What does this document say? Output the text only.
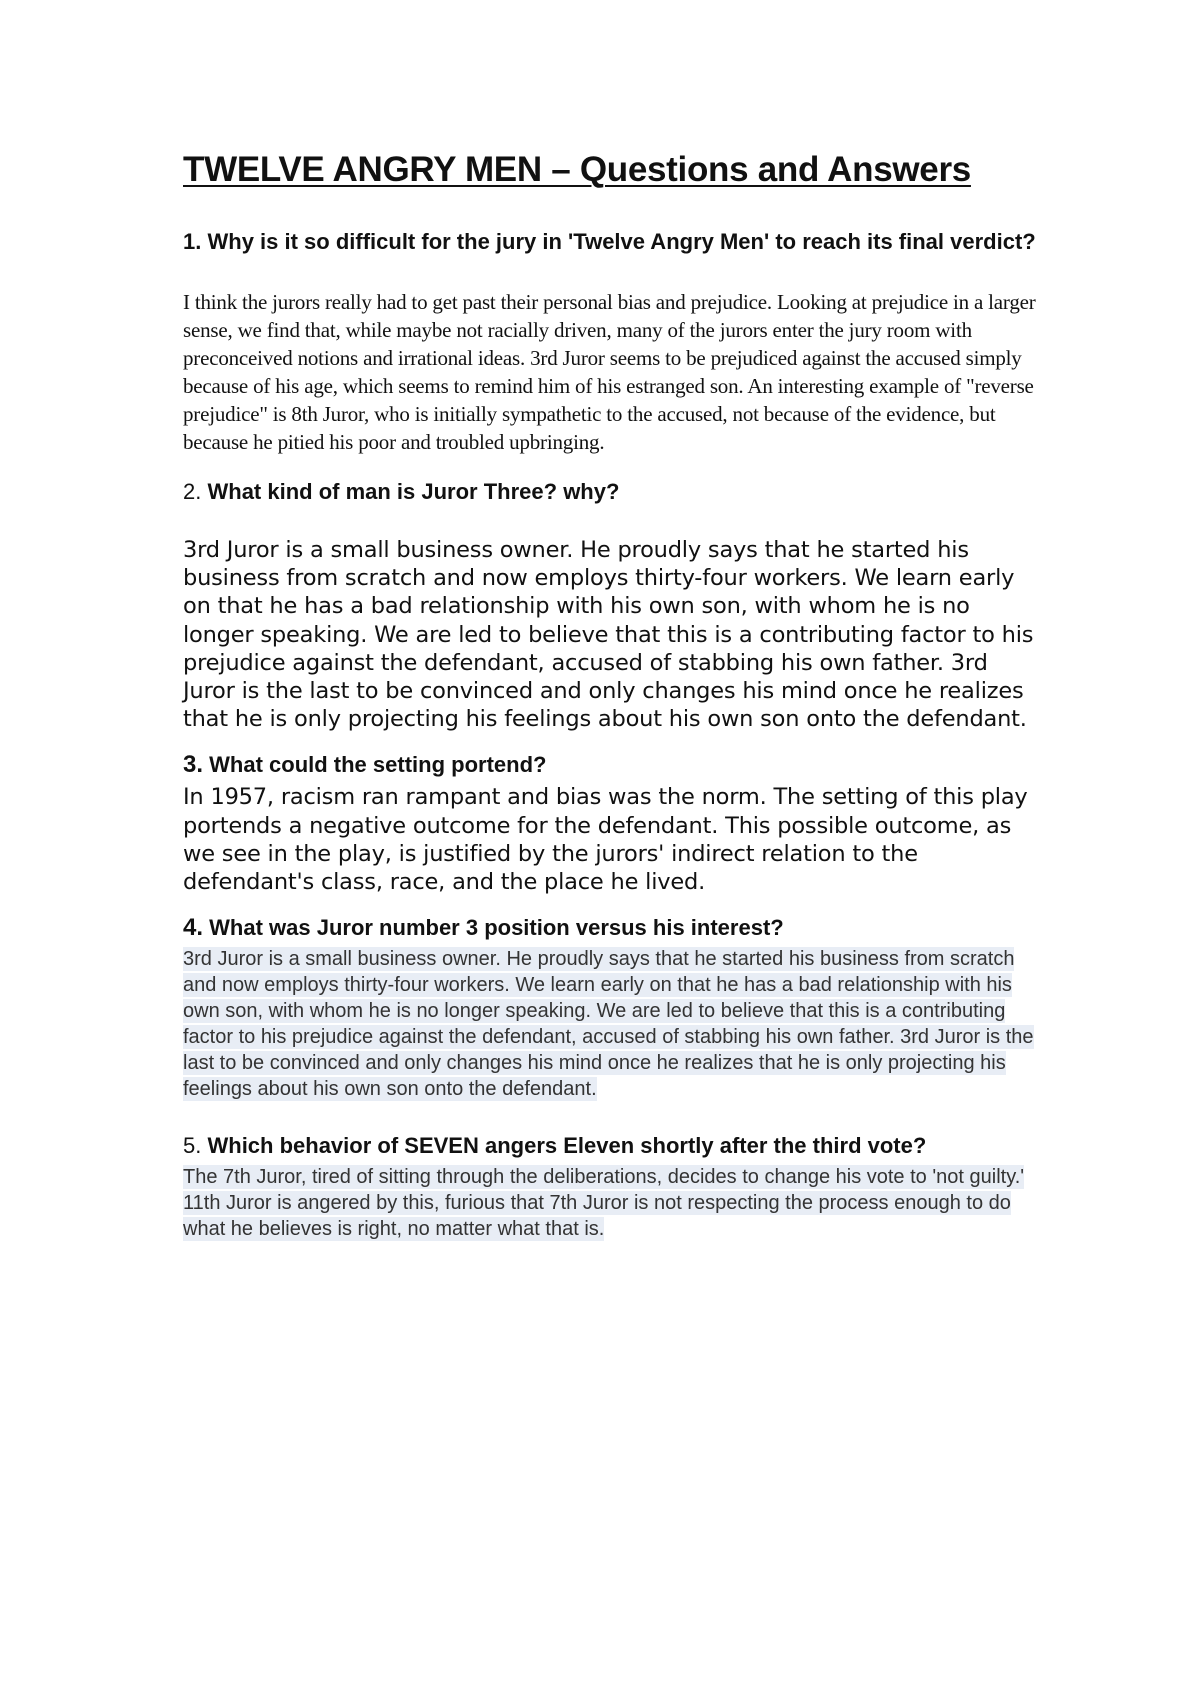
TWELVE ANGRY MEN – Questions and Answers

1. Why is it so difficult for the jury in 'Twelve Angry Men' to reach its final verdict?

I think the jurors really had to get past their personal bias and prejudice. Looking at prejudice in a larger sense, we find that, while maybe not racially driven, many of the jurors enter the jury room with preconceived notions and irrational ideas. 3rd Juror seems to be prejudiced against the accused simply because of his age, which seems to remind him of his estranged son. An interesting example of "reverse prejudice" is 8th Juror, who is initially sympathetic to the accused, not because of the evidence, but because he pitied his poor and troubled upbringing.

2. What kind of man is Juror Three? why?

3rd Juror is a small business owner. He proudly says that he started his business from scratch and now employs thirty-four workers. We learn early on that he has a bad relationship with his own son, with whom he is no longer speaking. We are led to believe that this is a contributing factor to his prejudice against the defendant, accused of stabbing his own father. 3rd Juror is the last to be convinced and only changes his mind once he realizes that he is only projecting his feelings about his own son onto the defendant.

3. What could the setting portend?

In 1957, racism ran rampant and bias was the norm. The setting of this play portends a negative outcome for the defendant. This possible outcome, as we see in the play, is justified by the jurors' indirect relation to the defendant's class, race, and the place he lived.

4. What was Juror number 3 position versus his interest?

3rd Juror is a small business owner. He proudly says that he started his business from scratch and now employs thirty-four workers. We learn early on that he has a bad relationship with his own son, with whom he is no longer speaking. We are led to believe that this is a contributing factor to his prejudice against the defendant, accused of stabbing his own father. 3rd Juror is the last to be convinced and only changes his mind once he realizes that he is only projecting his feelings about his own son onto the defendant.

5. Which behavior of SEVEN angers Eleven shortly after the third vote?

The 7th Juror, tired of sitting through the deliberations, decides to change his vote to 'not guilty.' 11th Juror is angered by this, furious that 7th Juror is not respecting the process enough to do what he believes is right, no matter what that is.
